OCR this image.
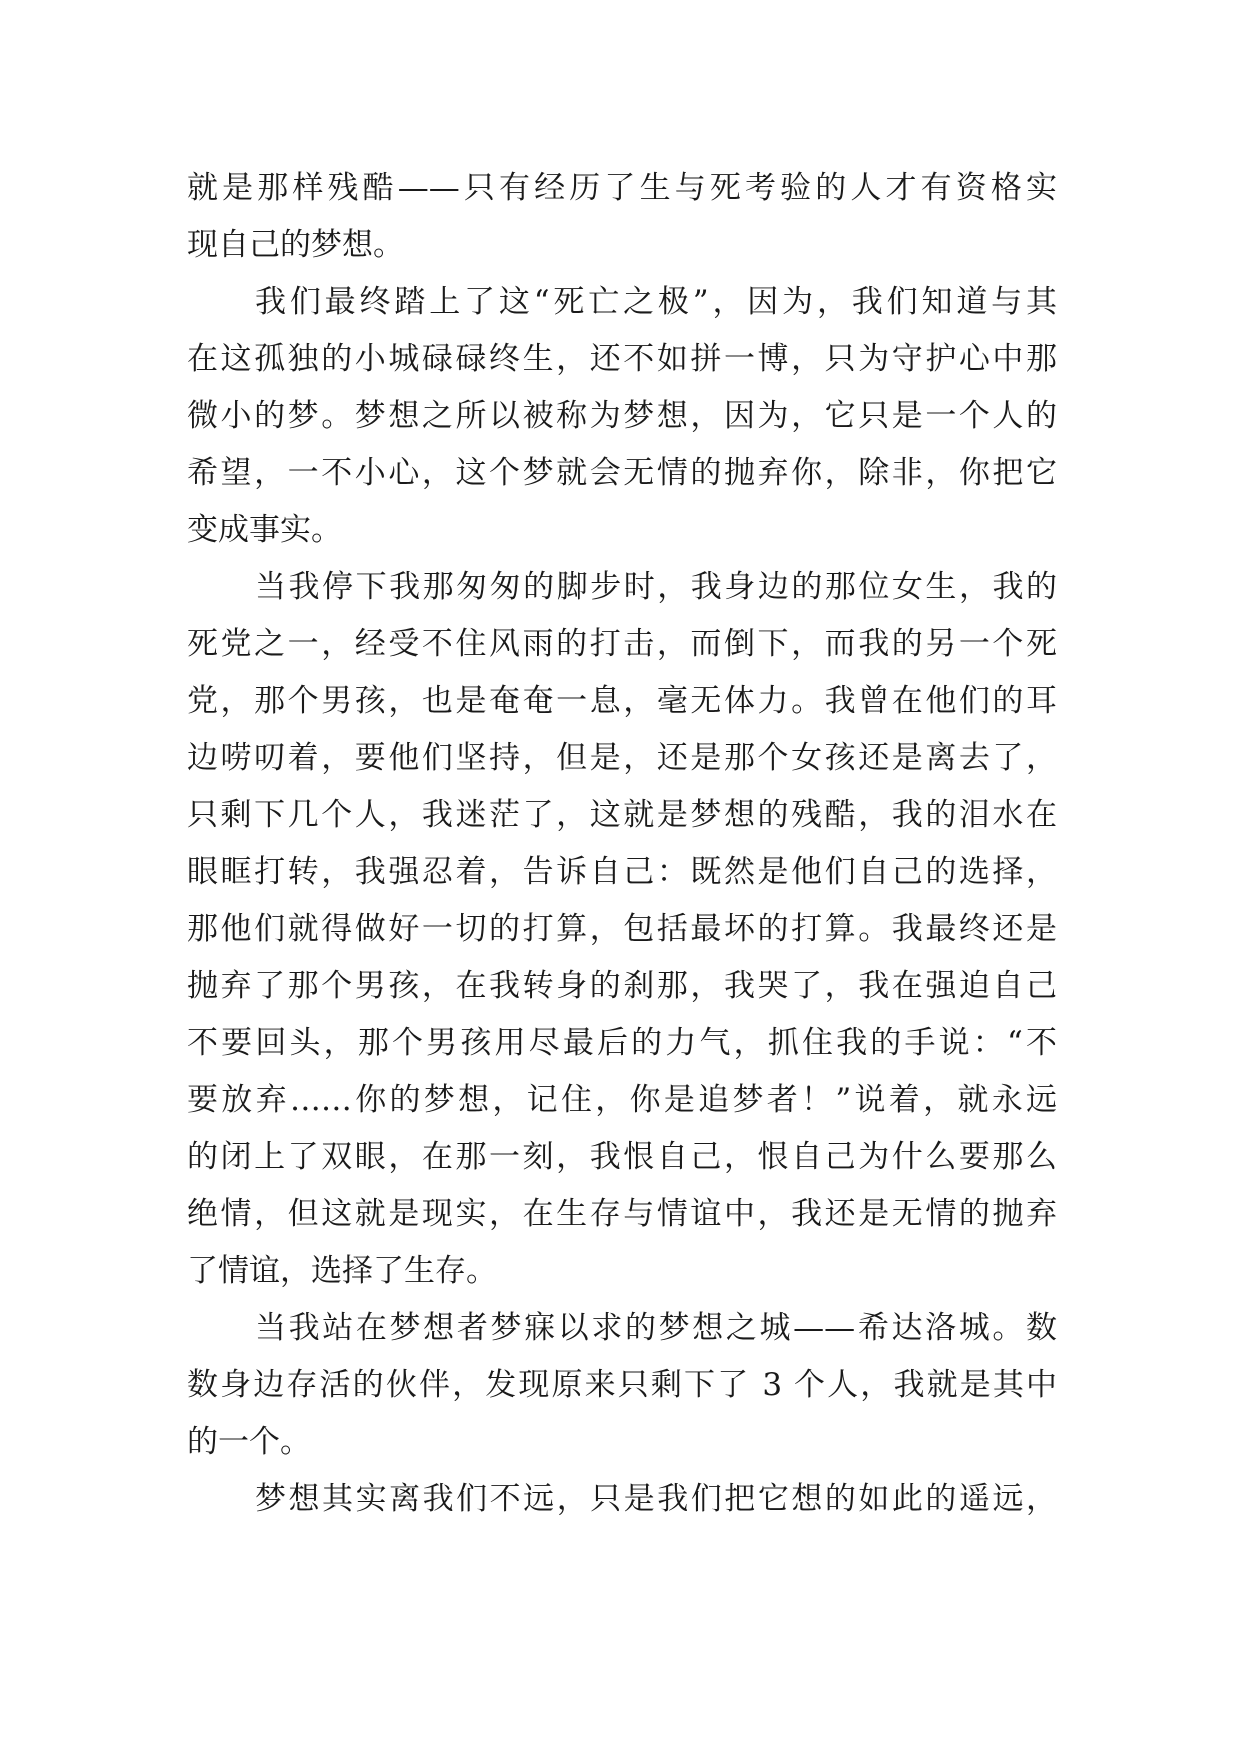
就是那样残酷——只有经历了生与死考验的人才有资格实
现自己的梦想。
我们最终踏上了这“死亡之极”，因为，我们知道与其
在这孤独的小城碌碌终生，还不如拼一博，只为守护心中那
微小的梦。梦想之所以被称为梦想，因为，它只是一个人的
希望，一不小心，这个梦就会无情的抛弃你，除非，你把它
变成事实。
当我停下我那匆匆的脚步时，我身边的那位女生，我的
死党之一，经受不住风雨的打击，而倒下，而我的另一个死
党，那个男孩，也是奄奄一息，毫无体力。我曾在他们的耳
边唠叨着，要他们坚持，但是，还是那个女孩还是离去了，
只剩下几个人，我迷茫了，这就是梦想的残酷，我的泪水在
眼眶打转，我强忍着，告诉自己：既然是他们自己的选择，
那他们就得做好一切的打算，包括最坏的打算。我最终还是
抛弃了那个男孩，在我转身的刹那，我哭了，我在强迫自己
不要回头，那个男孩用尽最后的力气，抓住我的手说：“不
要放弃……你的梦想，记住，你是追梦者！”说着，就永远
的闭上了双眼，在那一刻，我恨自己，恨自己为什么要那么
绝情，但这就是现实，在生存与情谊中，我还是无情的抛弃
了情谊，选择了生存。
当我站在梦想者梦寐以求的梦想之城——希达洛城。数
数身边存活的伙伴，发现原来只剩下了 3 个人，我就是其中
的一个。
梦想其实离我们不远，只是我们把它想的如此的遥远，
